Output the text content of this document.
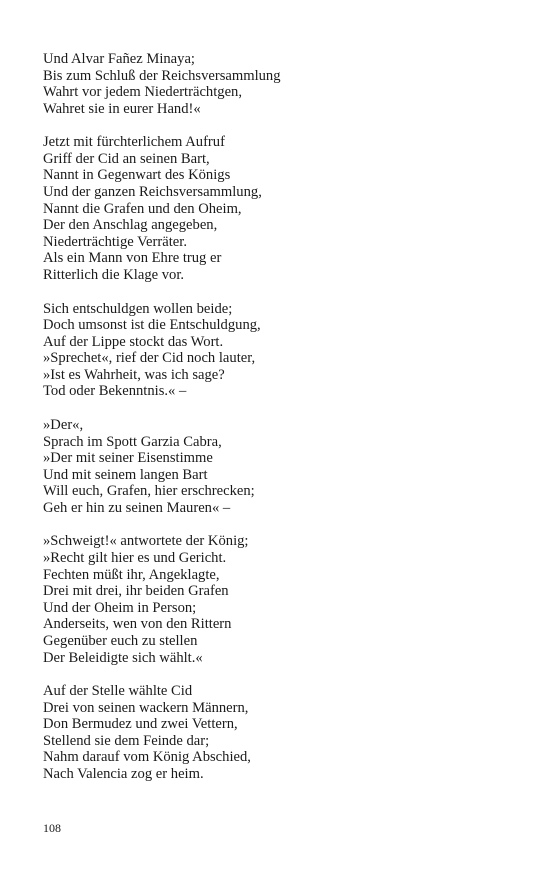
Und Alvar Fañez Minaya;
Bis zum Schluß der Reichsversammlung
Wahrt vor jedem Niederträchtgen,
Wahret sie in eurer Hand!«
Jetzt mit fürchterlichem Aufruf
Griff der Cid an seinen Bart,
Nannt in Gegenwart des Königs
Und der ganzen Reichsversammlung,
Nannt die Grafen und den Oheim,
Der den Anschlag angegeben,
Niederträchtige Verräter.
Als ein Mann von Ehre trug er
Ritterlich die Klage vor.
Sich entschuldgen wollen beide;
Doch umsonst ist die Entschuldgung,
Auf der Lippe stockt das Wort.
»Sprechet«, rief der Cid noch lauter,
»Ist es Wahrheit, was ich sage?
Tod oder Bekenntnis.« –
»Der«,
Sprach im Spott Garzia Cabra,
»Der mit seiner Eisenstimme
Und mit seinem langen Bart
Will euch, Grafen, hier erschrecken;
Geh er hin zu seinen Mauren« –
»Schweigt!« antwortete der König;
»Recht gilt hier es und Gericht.
Fechten müßt ihr, Angeklagte,
Drei mit drei, ihr beiden Grafen
Und der Oheim in Person;
Anderseits, wen von den Rittern
Gegenüber euch zu stellen
Der Beleidigte sich wählt.«
Auf der Stelle wählte Cid
Drei von seinen wackern Männern,
Don Bermudez und zwei Vettern,
Stellend sie dem Feinde dar;
Nahm darauf vom König Abschied,
Nach Valencia zog er heim.
108
